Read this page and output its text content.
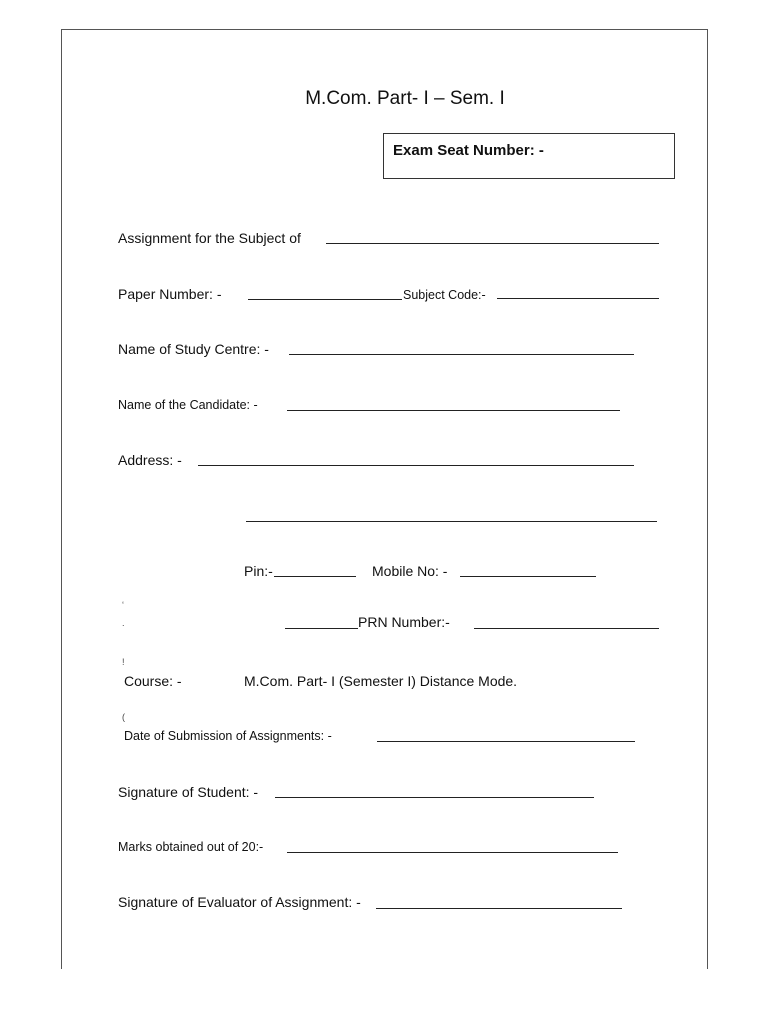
M.Com. Part- I – Sem. I
Exam Seat Number: -
Assignment for the Subject of
Paper Number: -	Subject Code:-
Name of Study Centre: -
Name of the Candidate: -
Address: -
Pin:-	Mobile No: -
‘
.	PRN Number:-
!
Course: -	M.Com. Part- I (Semester I) Distance Mode.
(
Date of Submission of Assignments: -
Signature of Student: -
Marks obtained out of 20:-
Signature of Evaluator of Assignment: -
